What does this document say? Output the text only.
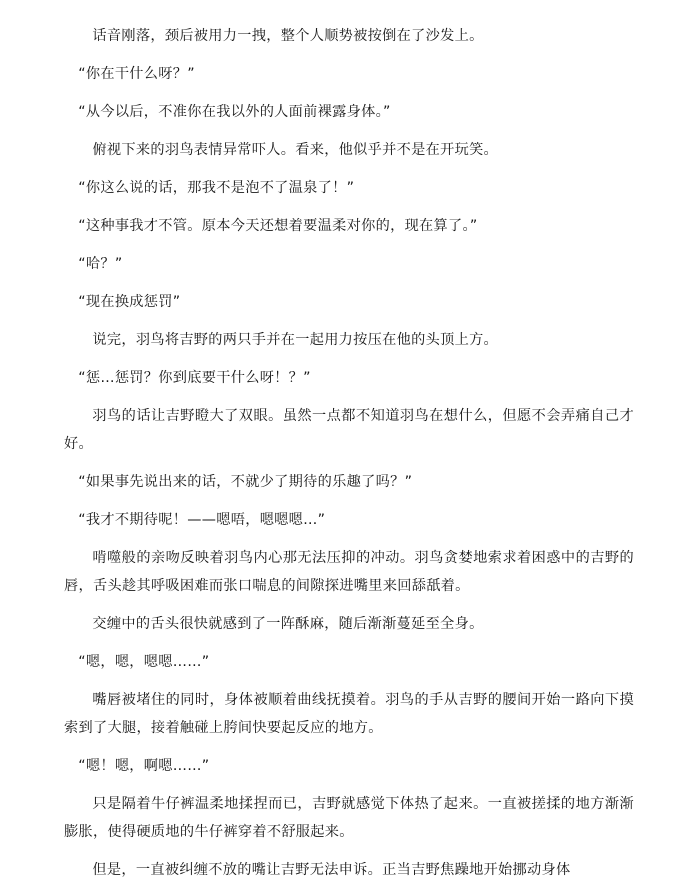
话音刚落，颈后被用力一拽，整个人顺势被按倒在了沙发上。

“你在干什么呀？”

“从今以后，不准你在我以外的人面前裸露身体。”

俯视下来的羽鸟表情异常吓人。看来，他似乎并不是在开玩笑。

“你这么说的话，那我不是泡不了温泉了！”

“这种事我才不管。原本今天还想着要温柔对你的，现在算了。”

“哈？”

“现在换成惩罚”

说完，羽鸟将吉野的两只手并在一起用力按压在他的头顶上方。

“惩…惩罚？你到底要干什么呀！？”

羽鸟的话让吉野瞪大了双眼。虽然一点都不知道羽鸟在想什么，但愿不会弄痛自己才好。

“如果事先说出来的话，不就少了期待的乐趣了吗？”

“我才不期待呢！——嗯唔，嗯嗯嗯…”

啃噬般的亲吻反映着羽鸟内心那无法压抑的冲动。羽鸟贪婪地索求着困惑中的吉野的唇，舌头趁其呼吸困难而张口喘息的间隙探进嘴里来回舔舐着。

交缠中的舌头很快就感到了一阵酥麻，随后渐渐蔓延至全身。

“嗯，嗯，嗯嗯……”

嘴唇被堵住的同时，身体被顺着曲线抚摸着。羽鸟的手从吉野的腰间开始一路向下摸索到了大腿，接着触碰上胯间快要起反应的地方。

“嗯！嗯，啊嗯……”

只是隔着牛仔裤温柔地揉捏而已，吉野就感觉下体热了起来。一直被搓揉的地方渐渐膨胀，使得硬质地的牛仔裤穿着不舒服起来。

但是，一直被纠缠不放的嘴让吉野无法申诉。正当吉野焦躁地开始挪动身体
